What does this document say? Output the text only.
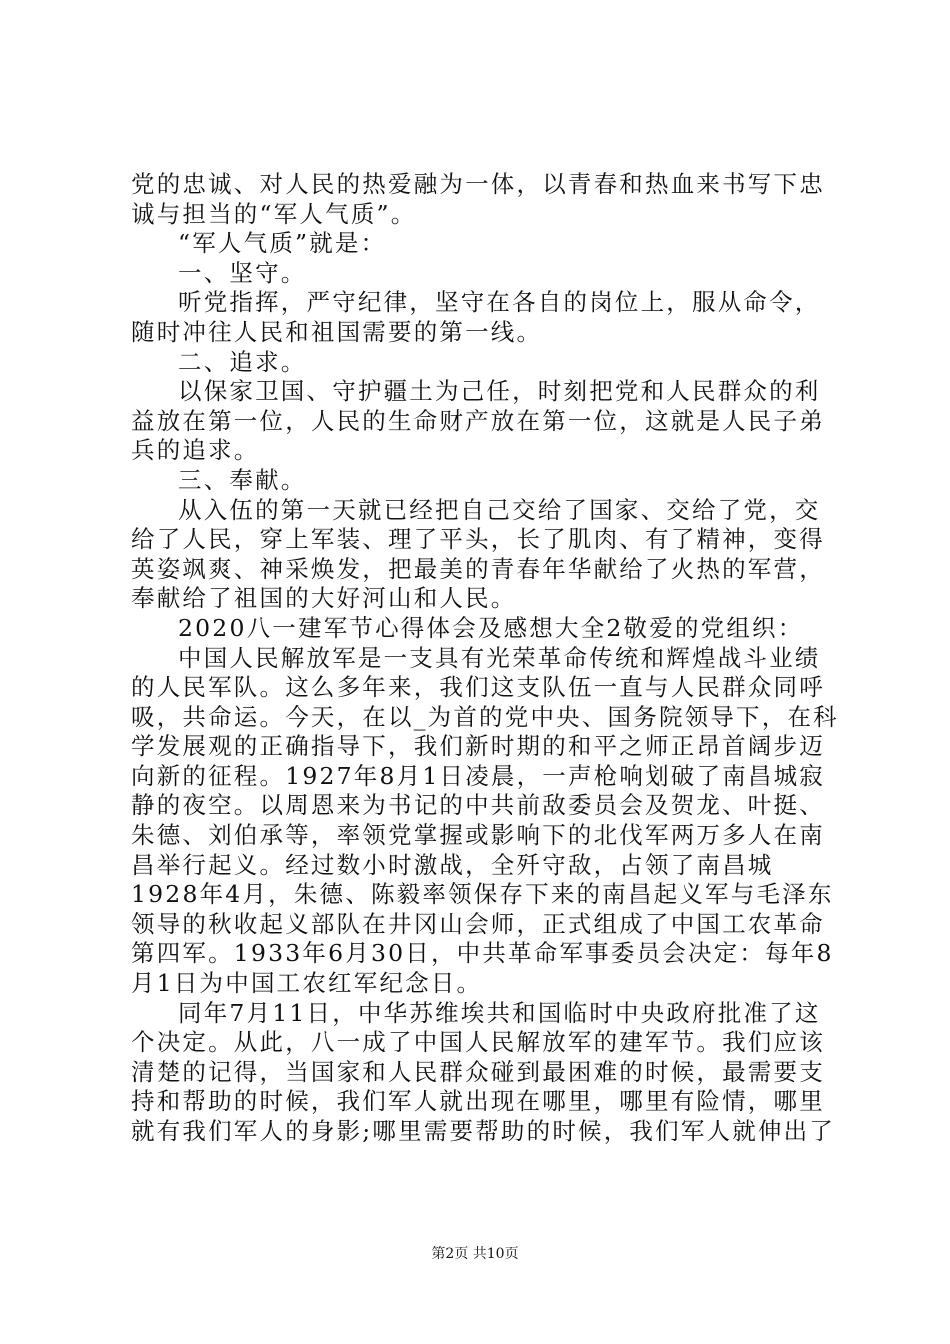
党的忠诚、对人民的热爱融为一体，以青春和热血来书写下忠
诚与担当的“军人气质”。
“军人气质”就是：
一、坚守。
听党指挥，严守纪律，坚守在各自的岗位上，服从命令，
随时冲往人民和祖国需要的第一线。
二、追求。
以保家卫国、守护疆土为己任，时刻把党和人民群众的利
益放在第一位，人民的生命财产放在第一位，这就是人民子弟
兵的追求。
三、奉献。
从入伍的第一天就已经把自己交给了国家、交给了党，交
给了人民，穿上军装、理了平头，长了肌肉、有了精神，变得
英姿飒爽、神采焕发，把最美的青春年华献给了火热的军营，
奉献给了祖国的大好河山和人民。
2020八一建军节心得体会及感想大全2敬爱的党组织：
中国人民解放军是一支具有光荣革命传统和辉煌战斗业绩
的人民军队。这么多年来，我们这支队伍一直与人民群众同呼
吸，共命运。今天，在以_为首的党中央、国务院领导下，在科
学发展观的正确指导下，我们新时期的和平之师正昂首阔步迈
向新的征程。1927年8月1日凌晨，一声枪响划破了南昌城寂
静的夜空。以周恩来为书记的中共前敌委员会及贺龙、叶挺、
朱德、刘伯承等，率领党掌握或影响下的北伐军两万多人在南
昌举行起义。经过数小时激战，全歼守敌，占领了南昌城
1928年4月，朱德、陈毅率领保存下来的南昌起义军与毛泽东
领导的秋收起义部队在井冈山会师，正式组成了中国工农革命
第四军。1933年6月30日，中共革命军事委员会决定：每年8
月1日为中国工农红军纪念日。
同年7月11日，中华苏维埃共和国临时中央政府批准了这
个决定。从此，八一成了中国人民解放军的建军节。我们应该
清楚的记得，当国家和人民群众碰到最困难的时候，最需要支
持和帮助的时候，我们军人就出现在哪里，哪里有险情，哪里
就有我们军人的身影;哪里需要帮助的时候，我们军人就伸出了
第2页 共10页
